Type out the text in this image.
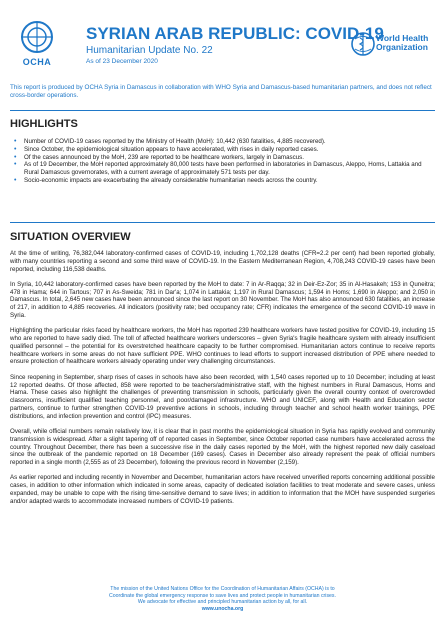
OCHA
SYRIAN ARAB REPUBLIC: COVID-19
Humanitarian Update No. 22
As of 23 December 2020
World Health
Organization
This report is produced by OCHA Syria in Damascus in collaboration with WHO Syria and Damascus-based humanitarian partners, and does not reflect cross-border operations.
HIGHLIGHTS
• Number of COVID-19 cases reported by the Ministry of Health (MoH): 10,442 (630 fatalities, 4,885 recovered).
• Since October, the epidemiological situation appears to have accelerated, with rises in daily reported cases.
• Of the cases announced by the MoH, 239 are reported to be healthcare workers, largely in Damascus.
• As of 19 December, the MoH reported approximately 80,000 tests have been performed in laboratories in Damascus, Aleppo, Homs, Lattakia and Rural Damascus governorates, with a current average of approximately 571 tests per day.
• Socio-economic impacts are exacerbating the already considerable humanitarian needs across the country.
SITUATION OVERVIEW

At the time of writing, 76,382,044 laboratory-confirmed cases of COVID-19, including 1,702,128 deaths (CFR=2.2 per cent) had been reported globally, with many countries reporting a second and some third wave of COVID-19. In the Eastern Mediterranean Region, 4,708,243 COVID-19 cases have been reported, including 116,538 deaths.

In Syria, 10,442 laboratory-confirmed cases have been reported by the MoH to date: 7 in Ar-Raqqa; 32 in Deir-Ez-Zor; 35 in Al-Hasakeh; 153 in Quneitra; 478 in Hama; 644 in Tartous; 707 in As-Sweida; 781 in Dar'a; 1,074 in Lattakia; 1,197 in Rural Damascus; 1,594 in Homs; 1,690 in Aleppo; and 2,050 in Damascus. In total, 2,645 new cases have been announced since the last report on 30 November. The MoH has also announced 630 fatalities, an increase of 217, in addition to 4,885 recoveries. All indicators (positivity rate; bed occupancy rate; CFR) indicates the emergence of the second COVID-19 wave in Syria.

Highlighting the particular risks faced by healthcare workers, the MoH has reported 239 healthcare workers have tested positive for COVID-19, including 15 who are reported to have sadly died. The toll of affected healthcare workers underscores – given Syria's fragile healthcare system with already insufficient qualified personnel – the potential for its overstretched healthcare capacity to be further compromised. Humanitarian actors continue to receive reports healthcare workers in some areas do not have sufficient PPE. WHO continues to lead efforts to support increased distribution of PPE where needed to ensure protection of healthcare workers already operating under very challenging circumstances.

Since reopening in September, sharp rises of cases in schools have also been recorded, with 1,540 cases reported up to 10 December; including at least 12 reported deaths. Of those affected, 858 were reported to be teachers/administrative staff, with the highest numbers in Rural Damascus, Homs and Hama. These cases also highlight the challenges of preventing transmission in schools, particularly given the overall country context of overcrowded classrooms, insufficient qualified teaching personnel, and poor/damaged infrastructure. WHO and UNICEF, along with Health and Education sector partners, continue to further strengthen COVID-19 preventive actions in schools, including through teacher and school health worker trainings, PPE distributions, and infection prevention and control (IPC) measures.

Overall, while official numbers remain relatively low, it is clear that in past months the epidemiological situation in Syria has rapidly evolved and community transmission is widespread. After a slight tapering off of reported cases in September, since October reported case numbers have accelerated across the country. Throughout December, there has been a successive rise in the daily cases reported by the MoH, with the highest reported new daily caseload since the outbreak of the pandemic reported on 18 December (169 cases). Cases in December also already represent the peak of official numbers reported in a single month (2,555 as of 23 December), following the previous record in November (2,159).

As earlier reported and including recently in November and December, humanitarian actors have received unverified reports concerning additional possible cases, in addition to other information which indicated in some areas, capacity of dedicated isolation facilities to treat moderate and severe cases, unless expanded, may be unable to cope with the rising time-sensitive demand to save lives; in addition to information that the MOH have suspended surgeries and/or adapted wards to accommodate increased numbers of COVID-19 patients.

The mission of the United Nations Office for the Coordination of Humanitarian Affairs (OCHA) is to
Coordinate the global emergency response to save lives and protect people in humanitarian crises.
We advocate for effective and principled humanitarian action by all, for all.
www.unocha.org
